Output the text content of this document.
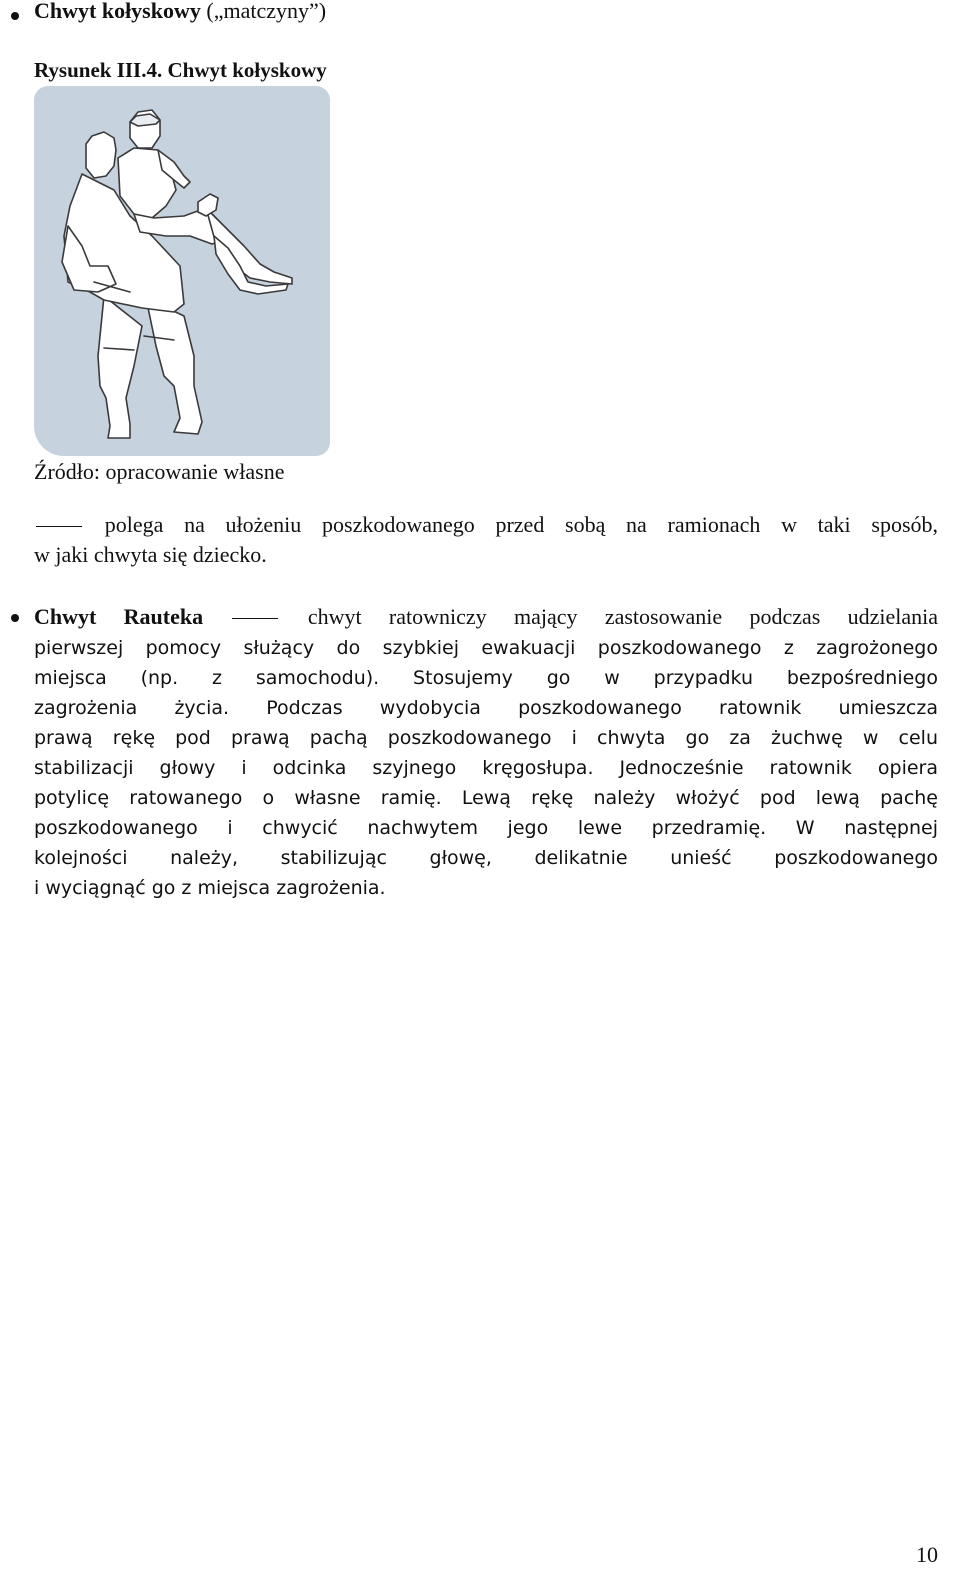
Chwyt kołyskowy („matczyny”)
Rysunek III.4. Chwyt kołyskowy
Źródło: opracowanie własne
polega na ułożeniu poszkodowanego przed sobą na ramionach w taki sposób,
w jaki chwyta się dziecko.
Chwyt Rauteka	chwyt ratowniczy mający zastosowanie podczas udzielania
pierwszej pomocy służący do szybkiej ewakuacji poszkodowanego z zagrożonego
miejsca (np. z samochodu). Stosujemy go w przypadku bezpośredniego
zagrożenia życia. Podczas wydobycia poszkodowanego ratownik umieszcza
prawą rękę pod prawą pachą poszkodowanego i chwyta go za żuchwę w celu
stabilizacji głowy i odcinka szyjnego kręgosłupa. Jednocześnie ratownik opiera
potylicę ratowanego o własne ramię. Lewą rękę należy włożyć pod lewą pachę
poszkodowanego i chwycić nachwytem jego lewe przedramię. W następnej
kolejności należy, stabilizując głowę, delikatnie unieść poszkodowanego
i wyciągnąć go z miejsca zagrożenia.
10
